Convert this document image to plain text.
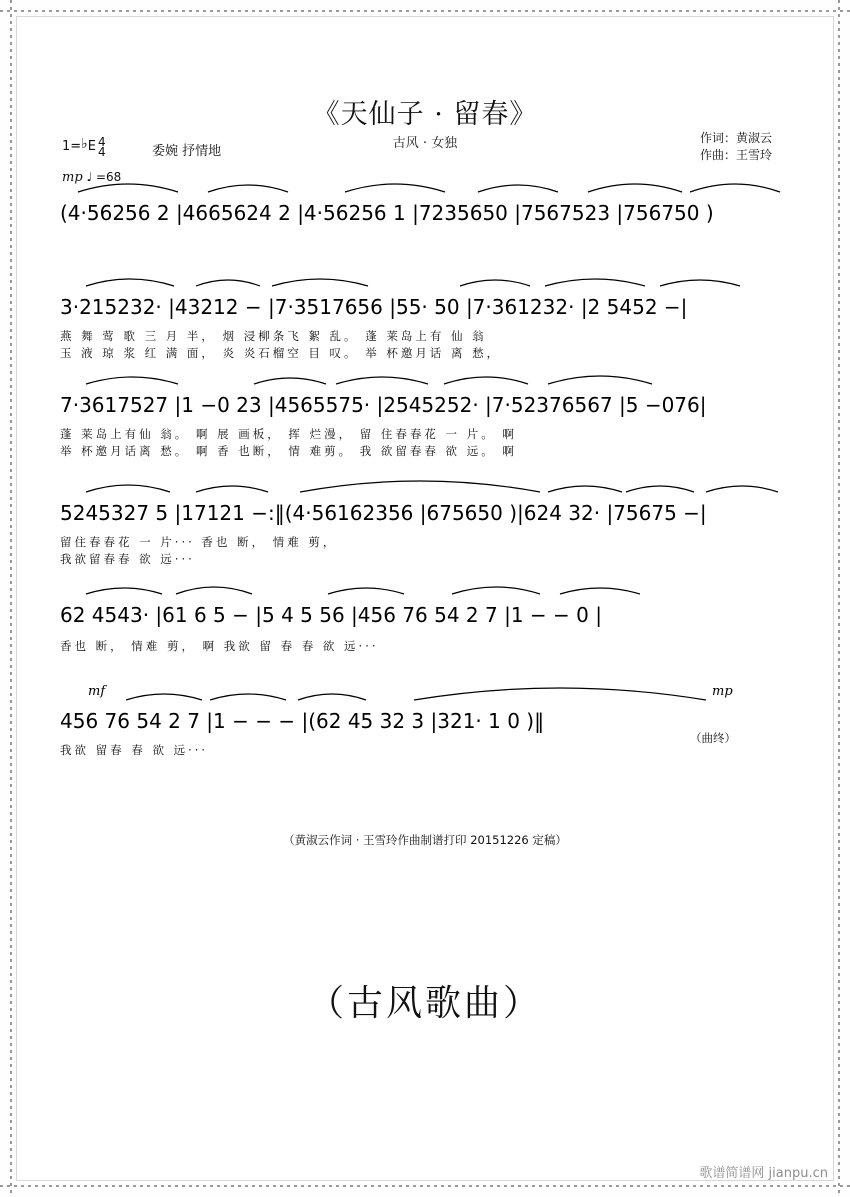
《天仙子 · 留春》
古风 · 女独	作词：黄淑云
作曲：王雪玲
1=♭E 4
4	委婉 抒情地
mp ♩ =68
(4·56256 2 |4665624 2 |4·56256 1 |7235650 |7567523 |756750 )
3·215232· |43212 − |7·3517656 |55· 50 |7·361232· |2 5452 −|
燕 舞 莺 歌 三 月 半， 烟 浸柳条飞 絮 乱。 蓬 莱岛上有 仙 翁
玉 液 琼 浆 红 满 面， 炎 炎石榴空 目 叹。 举 杯邀月话 离 愁，
7·3617527 |1 −0 23 |4565575· |2545252· |7·52376567 |5 −076|
蓬 莱岛上有仙 翁。 啊 展 画板， 挥 烂漫， 留 住春春花 一 片。 啊
举 杯邀月话离 愁。 啊 香 也断， 情 难剪。 我 欲留春春 欲 远。 啊
5245327 5 |17121 −:‖(4·56162356 |675650 )|624 32· |75675 −|
留住春春花 一 片··· 香也 断， 情难 剪，
我欲留春春 欲 远···
62 4543· |61 6 5 − |5 4 5 56 |456 76 54 2 7 |1 − − 0 |
香也 断， 情难 剪， 啊 我欲 留 春 春 欲 远···
456 76 54 2 7 |1 − − − |(62 45 32 3 |321· 1 0 )‖
我欲 留春 春 欲 远···
mf	mp
（曲终）
（黄淑云作词 · 王雪玲作曲制谱打印 20151226 定稿）
（古风歌曲）
歌谱简谱网 jianpu.cn
